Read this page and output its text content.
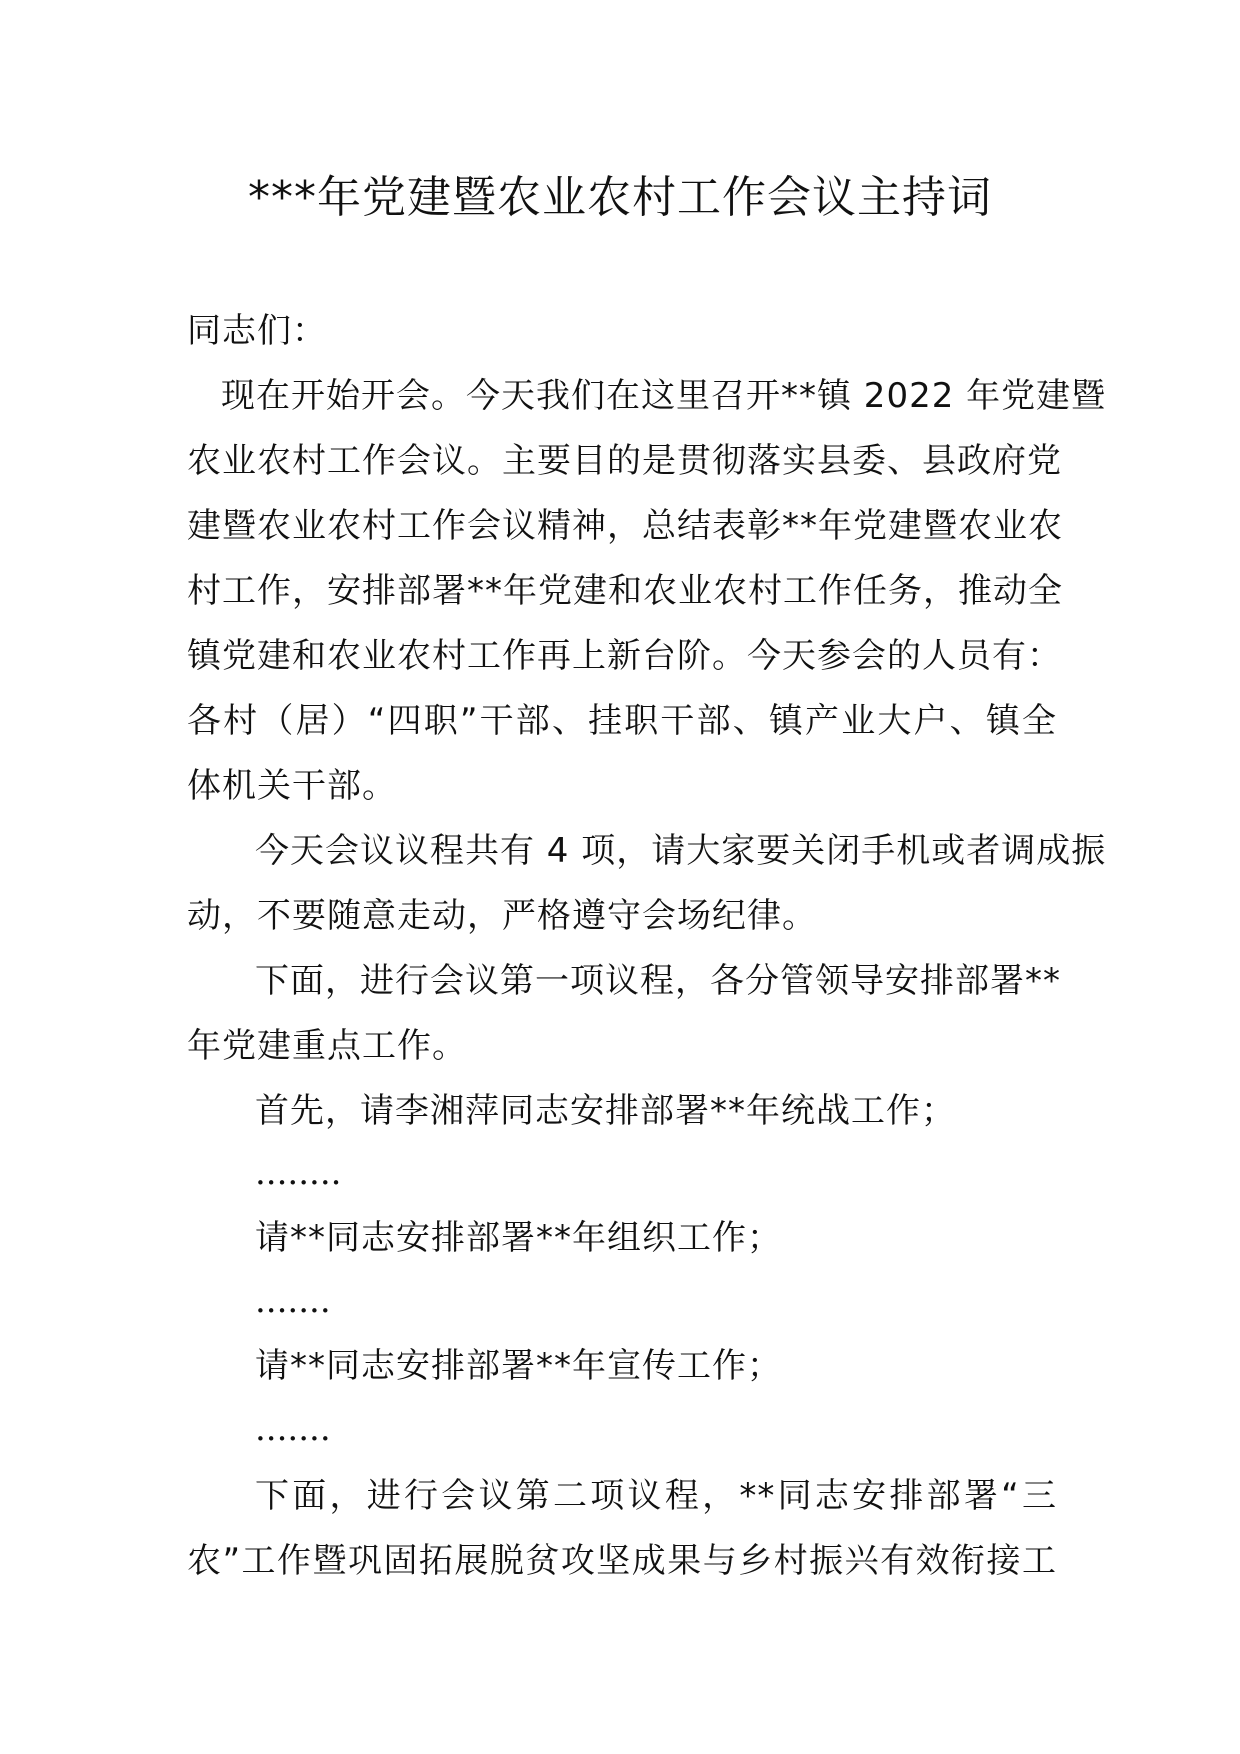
***年党建暨农业农村工作会议主持词
同志们：
现在开始开会。今天我们在这里召开**镇 2022 年党建暨
农业农村工作会议。主要目的是贯彻落实县委、县政府党
建暨农业农村工作会议精神，总结表彰**年党建暨农业农
村工作，安排部署**年党建和农业农村工作任务，推动全
镇党建和农业农村工作再上新台阶。今天参会的人员有：
各村（居）“四职”干部、挂职干部、镇产业大户、镇全
体机关干部。
今天会议议程共有 4 项，请大家要关闭手机或者调成振
动，不要随意走动，严格遵守会场纪律。
下面，进行会议第一项议程，各分管领导安排部署**
年党建重点工作。
首先，请李湘萍同志安排部署**年统战工作；
........
请**同志安排部署**年组织工作；
.......
请**同志安排部署**年宣传工作；
.......
下面，进行会议第二项议程，**同志安排部署“三
农”工作暨巩固拓展脱贫攻坚成果与乡村振兴有效衔接工
